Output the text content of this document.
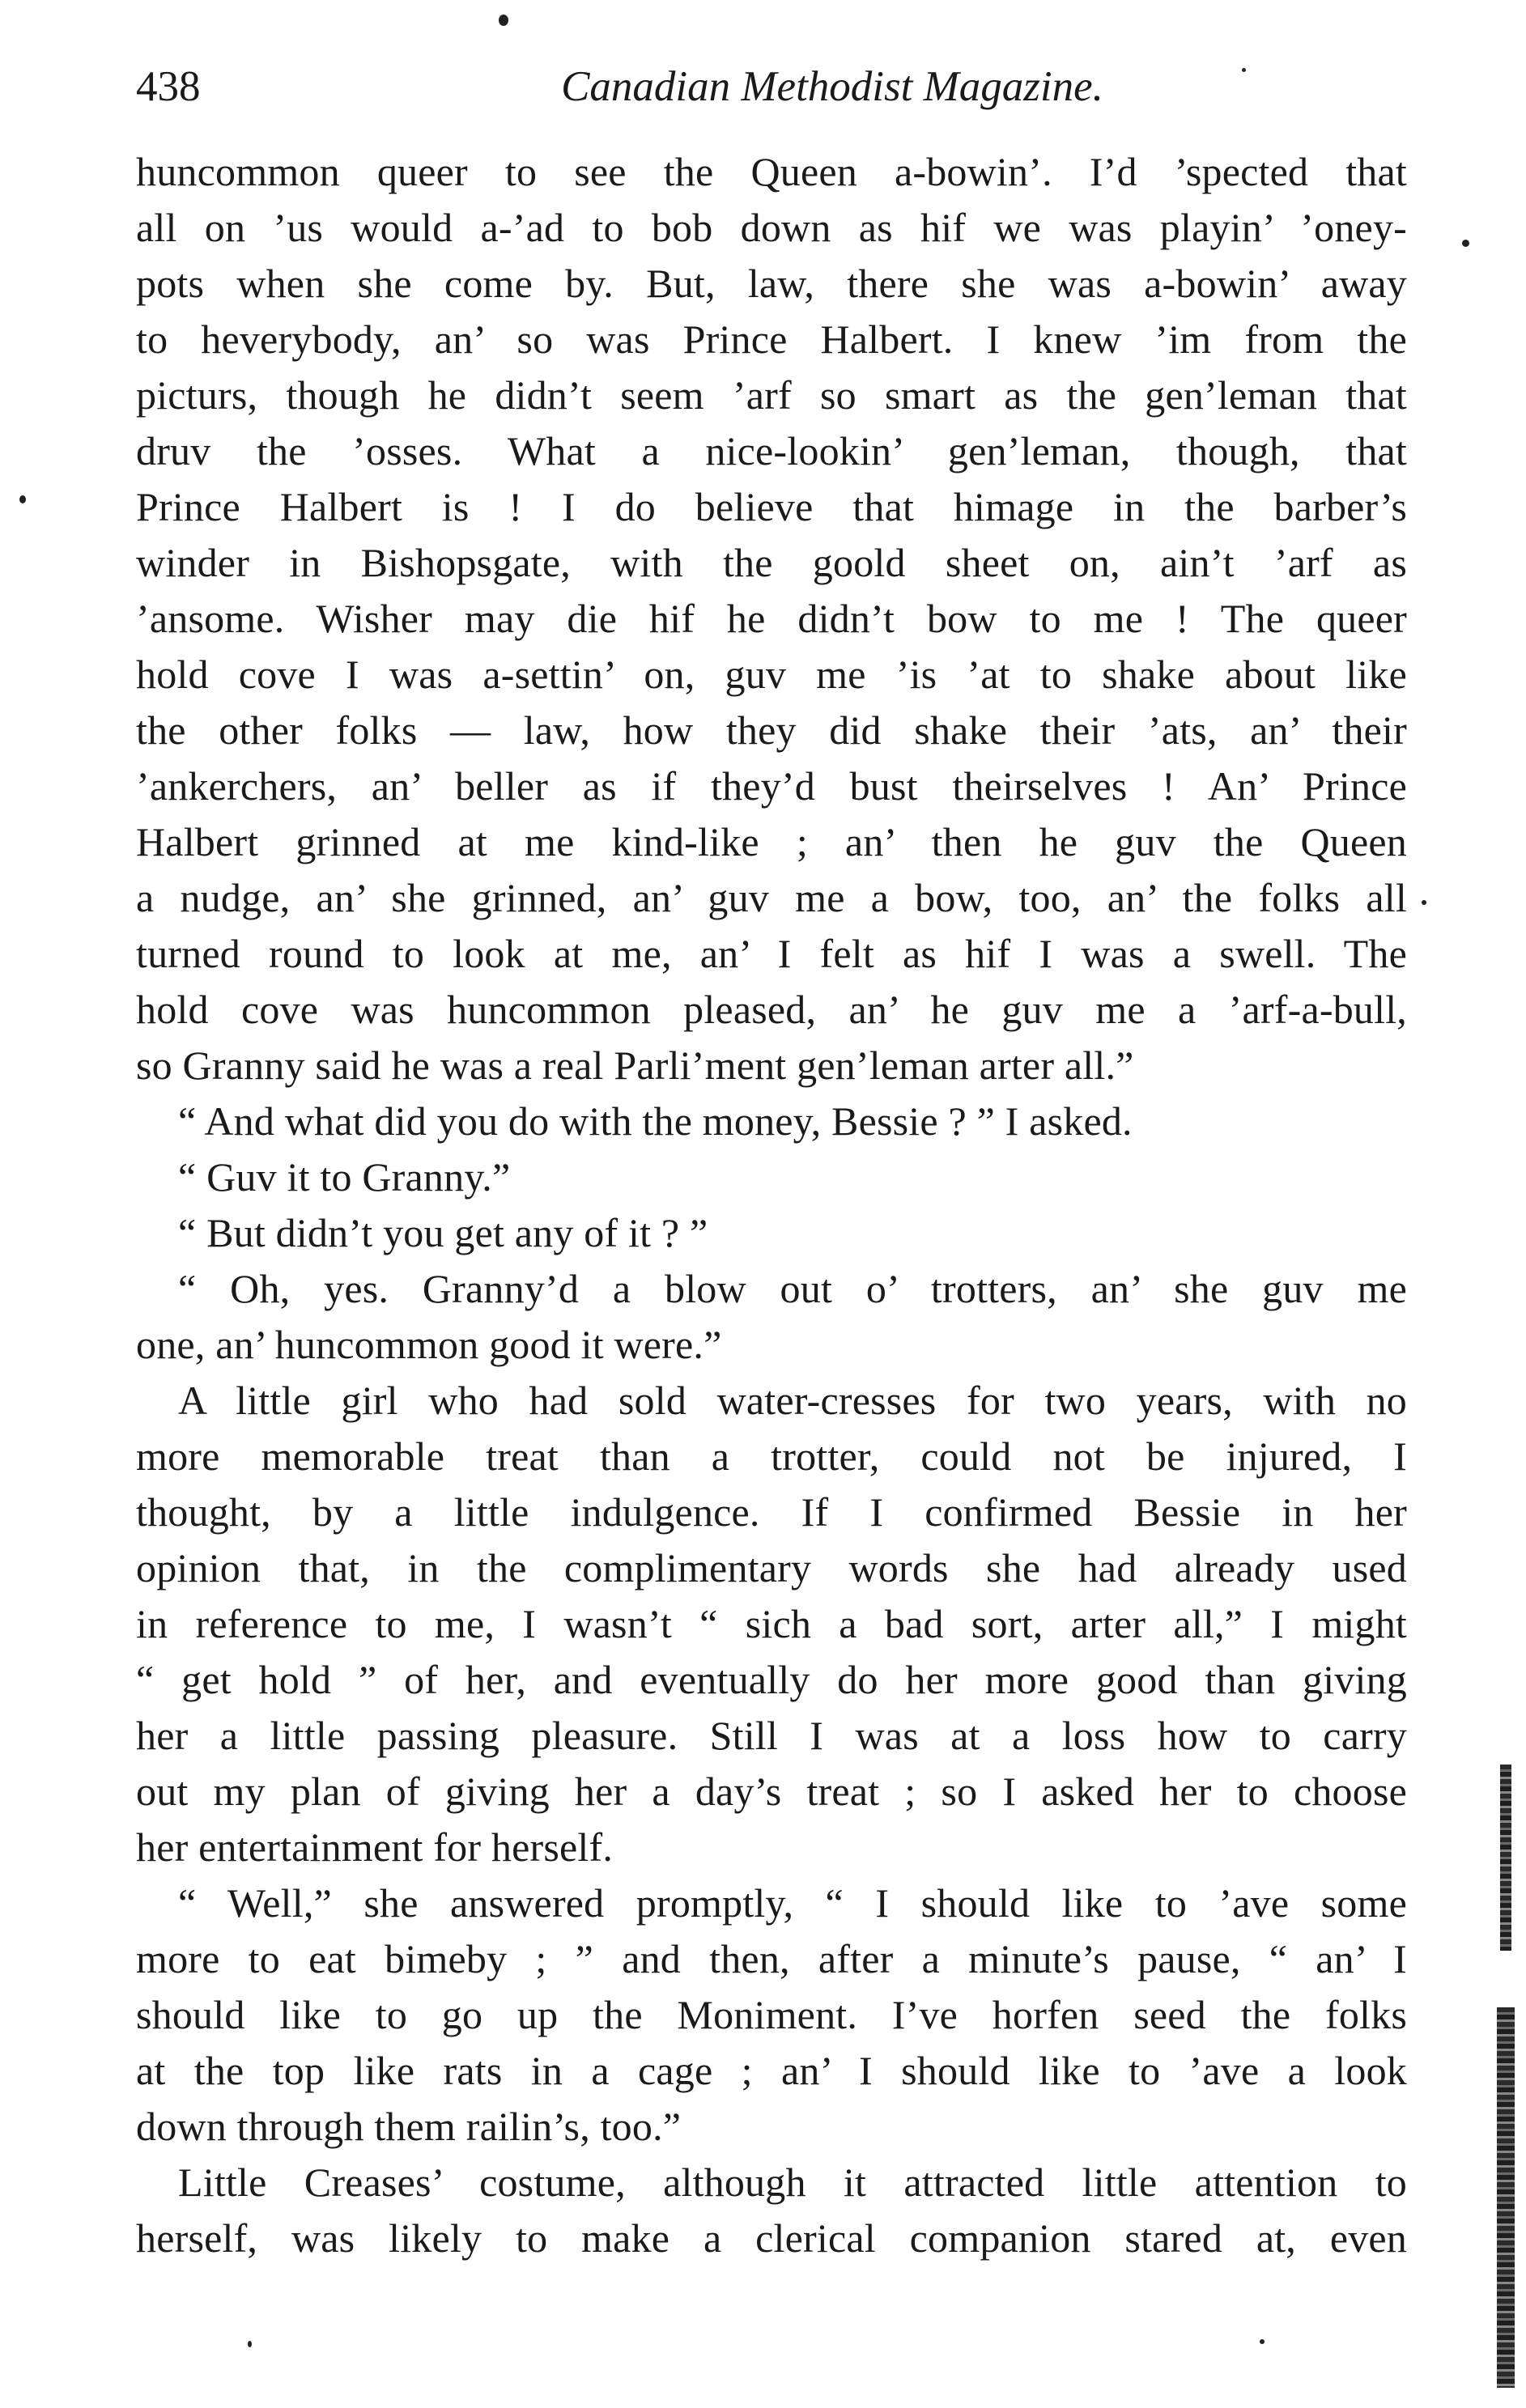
438	Canadian Methodist Magazine.
huncommon queer to see the Queen a-bowin’. I’d ’spected that
all on ’us would a-’ad to bob down as hif we was playin’ ’oney-
pots when she come by. But, law, there she was a-bowin’ away
to heverybody, an’ so was Prince Halbert. I knew ’im from the
picturs, though he didn’t seem ’arf so smart as the gen’leman that
druv the ’osses. What a nice-lookin’ gen’leman, though, that
Prince Halbert is ! I do believe that himage in the barber’s
winder in Bishopsgate, with the goold sheet on, ain’t ’arf as
’ansome. Wisher may die hif he didn’t bow to me ! The queer
hold cove I was a-settin’ on, guv me ’is ’at to shake about like
the other folks — law, how they did shake their ’ats, an’ their
’ankerchers, an’ beller as if they’d bust theirselves ! An’ Prince
Halbert grinned at me kind-like ; an’ then he guv the Queen
a nudge, an’ she grinned, an’ guv me a bow, too, an’ the folks all
turned round to look at me, an’ I felt as hif I was a swell. The
hold cove was huncommon pleased, an’ he guv me a ’arf-a-bull,
so Granny said he was a real Parli’ment gen’leman arter all.”
“ And what did you do with the money, Bessie ? ” I asked.
“ Guv it to Granny.”
“ But didn’t you get any of it ? ”
“ Oh, yes. Granny’d a blow out o’ trotters, an’ she guv me
one, an’ huncommon good it were.”
A little girl who had sold water-cresses for two years, with no
more memorable treat than a trotter, could not be injured, I
thought, by a little indulgence. If I confirmed Bessie in her
opinion that, in the complimentary words she had already used
in reference to me, I wasn’t “ sich a bad sort, arter all,” I might
“ get hold ” of her, and eventually do her more good than giving
her a little passing pleasure. Still I was at a loss how to carry
out my plan of giving her a day’s treat ; so I asked her to choose
her entertainment for herself.
“ Well,” she answered promptly, “ I should like to ’ave some
more to eat bimeby ; ” and then, after a minute’s pause, “ an’ I
should like to go up the Moniment. I’ve horfen seed the folks
at the top like rats in a cage ; an’ I should like to ’ave a look
down through them railin’s, too.”
Little Creases’ costume, although it attracted little attention to
herself, was likely to make a clerical companion stared at, even
